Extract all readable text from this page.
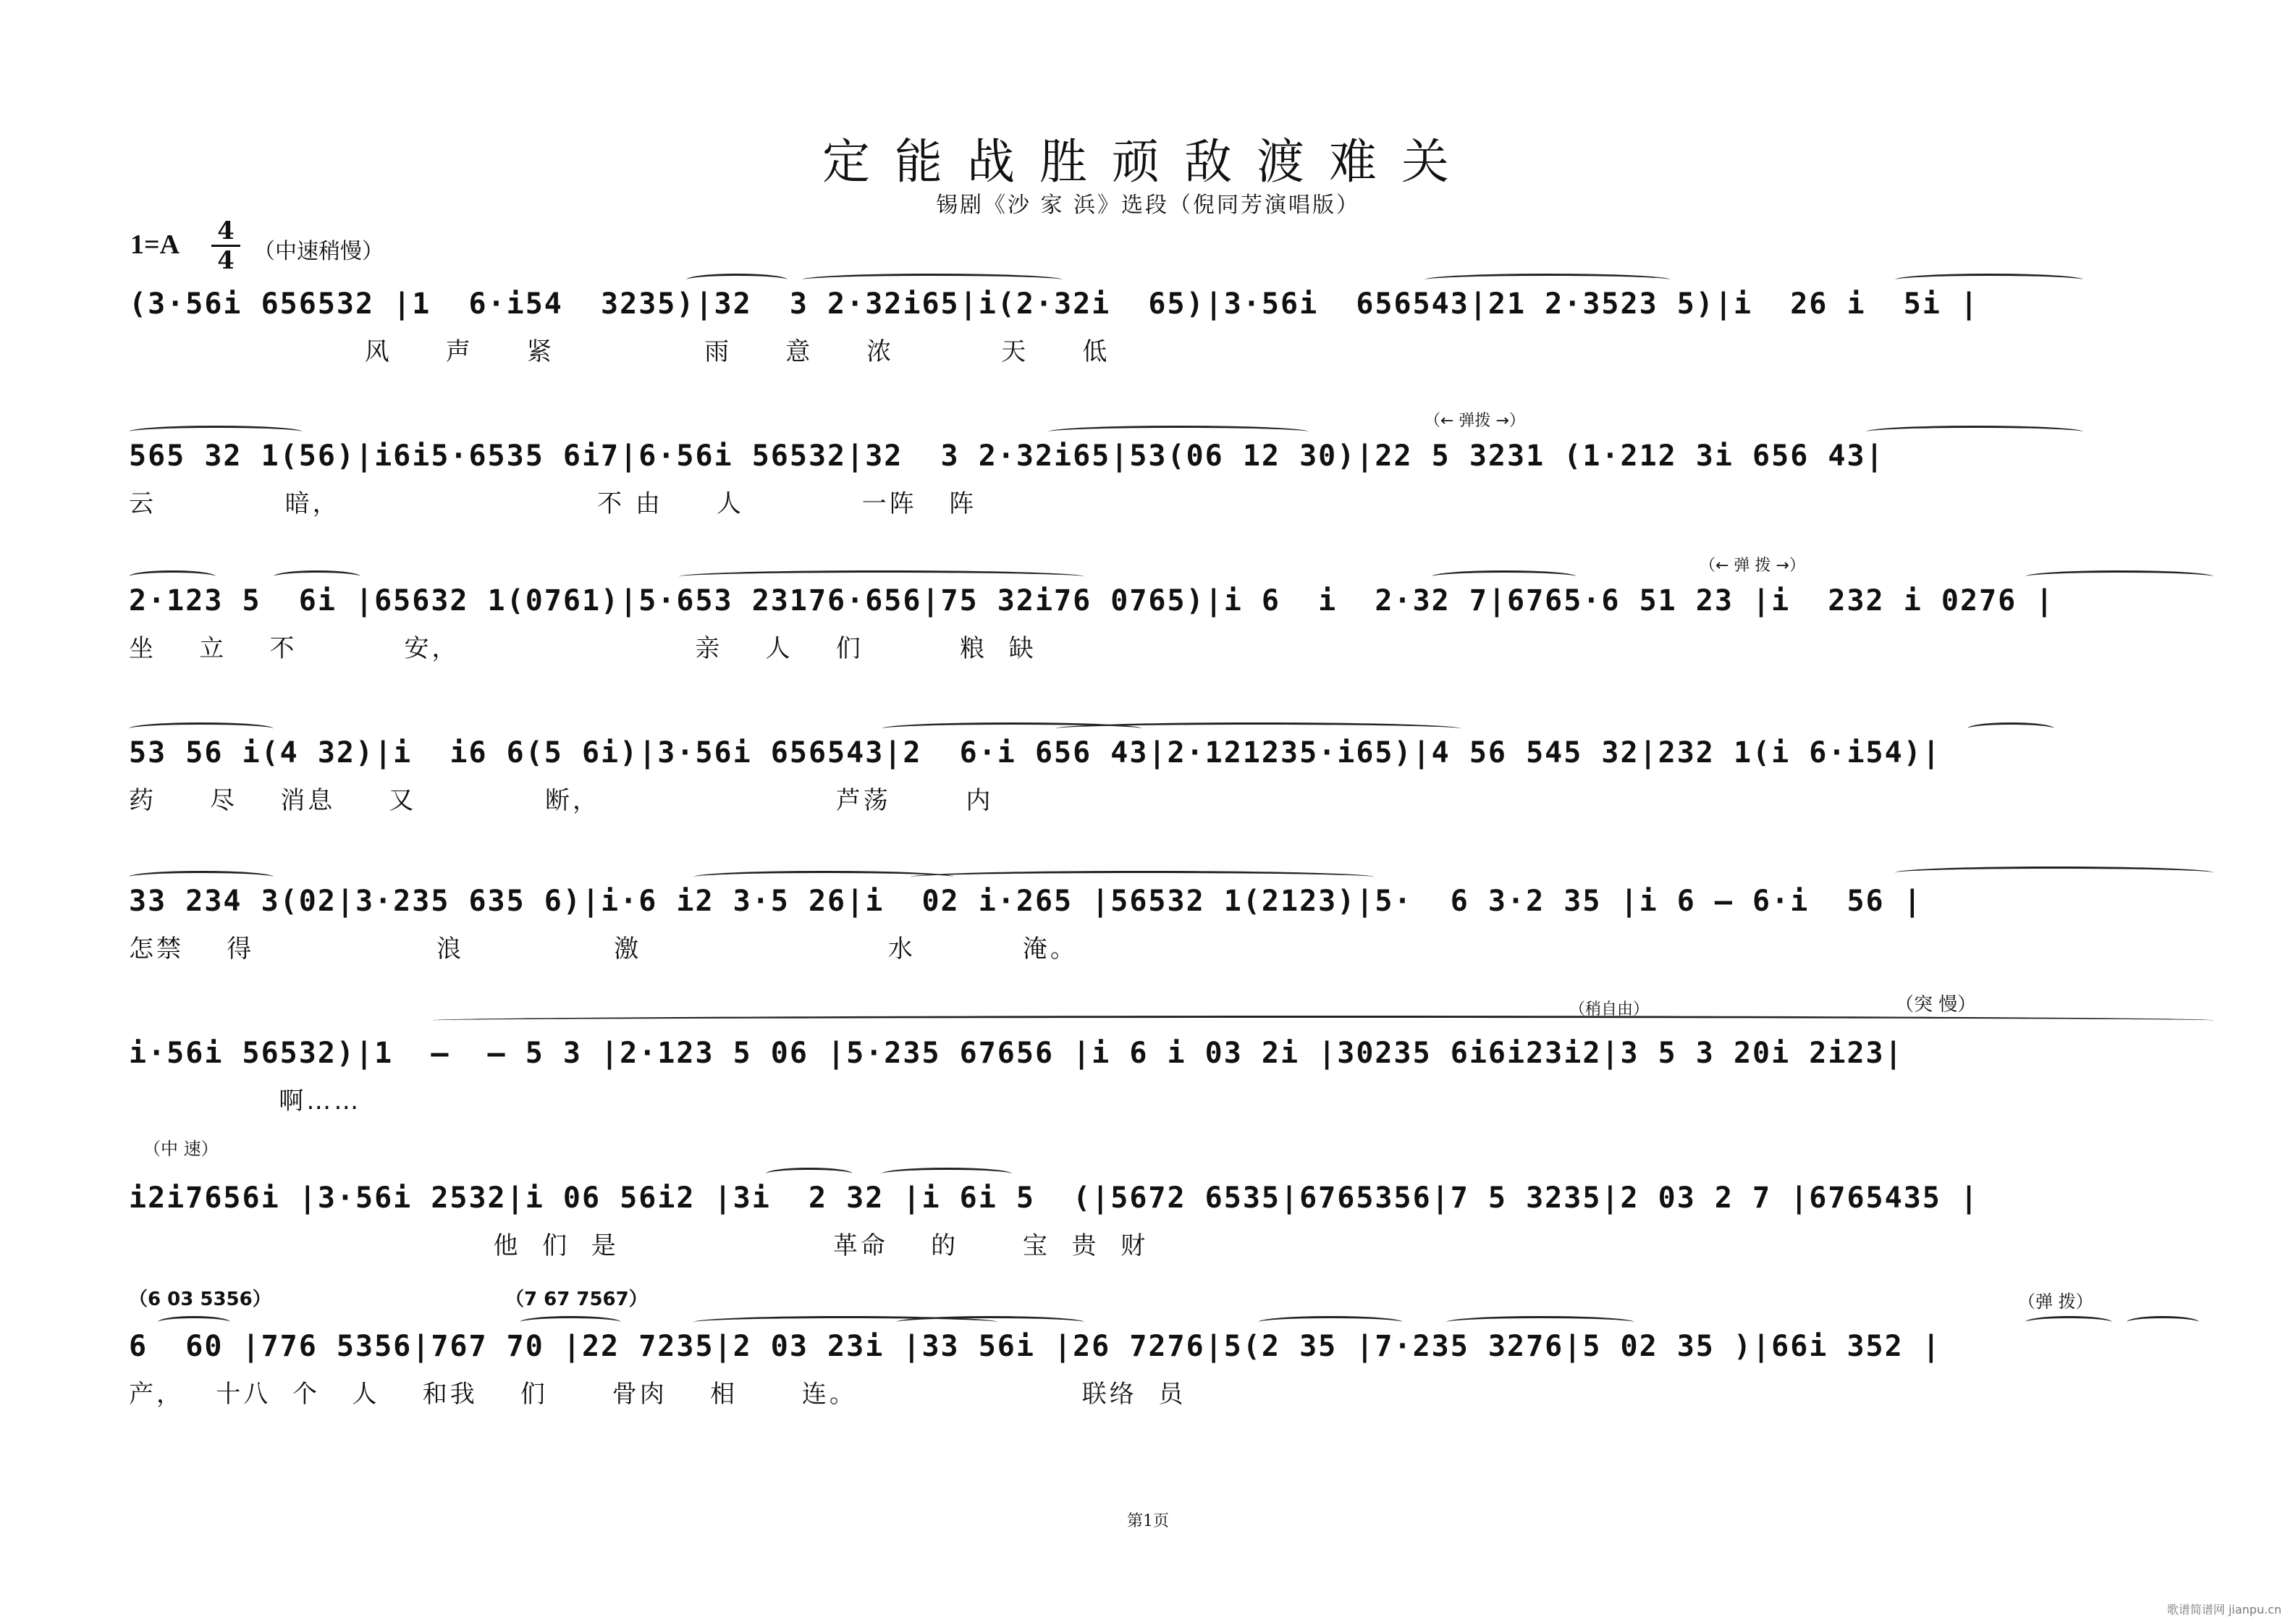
定能战胜顽敌渡难关
锡剧《沙 家 浜》选段（倪同芳演唱版）
1=A 4
4 （中速稍慢）
(3·56i 656532 |1  6·i54  3235)|32  3 2·32i65|i(2·32i  65)|3·56i  656543|21 2·3523 5)|i  26 i  5i |
风     声     紧              雨     意     浓          天     低
（← 弹拨 →）
565 32 1(56)|i6i5·6535 6i7|6·56i 56532|32  3 2·32i65|53(06 12 30)|22 5 3231 (1·212 3i 656 43|
云            暗，                        不 由     人           一阵   阵
（← 弹 拨 →）
2·123 5  6i |65632 1(0761)|5·653 23176·656|75 32i76 0765)|i 6  i  2·32 7|6765·6 51 23 |i  232 i 0276 |
坐    立    不          安，                      亲    人    们         粮  缺
53 56 i(4 32)|i  i6 6(5 6i)|3·56i 656543|2  6·i 656 43|2·121235·i65)|4 56 545 32|232 1(i 6·i54)|
药     尽    消息     又            断，                      芦荡       内
33 234 3(02|3·235 635 6)|i·6 i2 3·5 26|i  02 i·265 |56532 1(2123)|5·  6 3·2 35 |i 6 — 6·i  56 |
怎禁    得                 浪              激                       水          淹。
（稍自由）	（突 慢）
i·56i 56532)|1  —  — 5 3 |2·123 5 06 |5·235 67656 |i 6 i 03 2i |30235 6i6i23i2|3 5 3 20i 2i23|
啊……
（中 速）
i2i7656i |3·56i 2532|i 06 56i2 |3i  2 32 |i 6i 5  (|5672 6535|6765356|7 5 3235|2 03 2 7 |6765435 |
他  们  是                    革命    的      宝  贵  财
（6 03 5356）	（7 67 7567）	（弹 拨）
6  60 |776 5356|767 70 |22 7235|2 03 23i |33 56i |26 7276|5(2 35 |7·235 3276|5 02 35 )|66i 352 |
产，   十八  个   人    和我    们      骨肉    相      连。                     联络  员
第1页
歌谱简谱网 jianpu.cn
